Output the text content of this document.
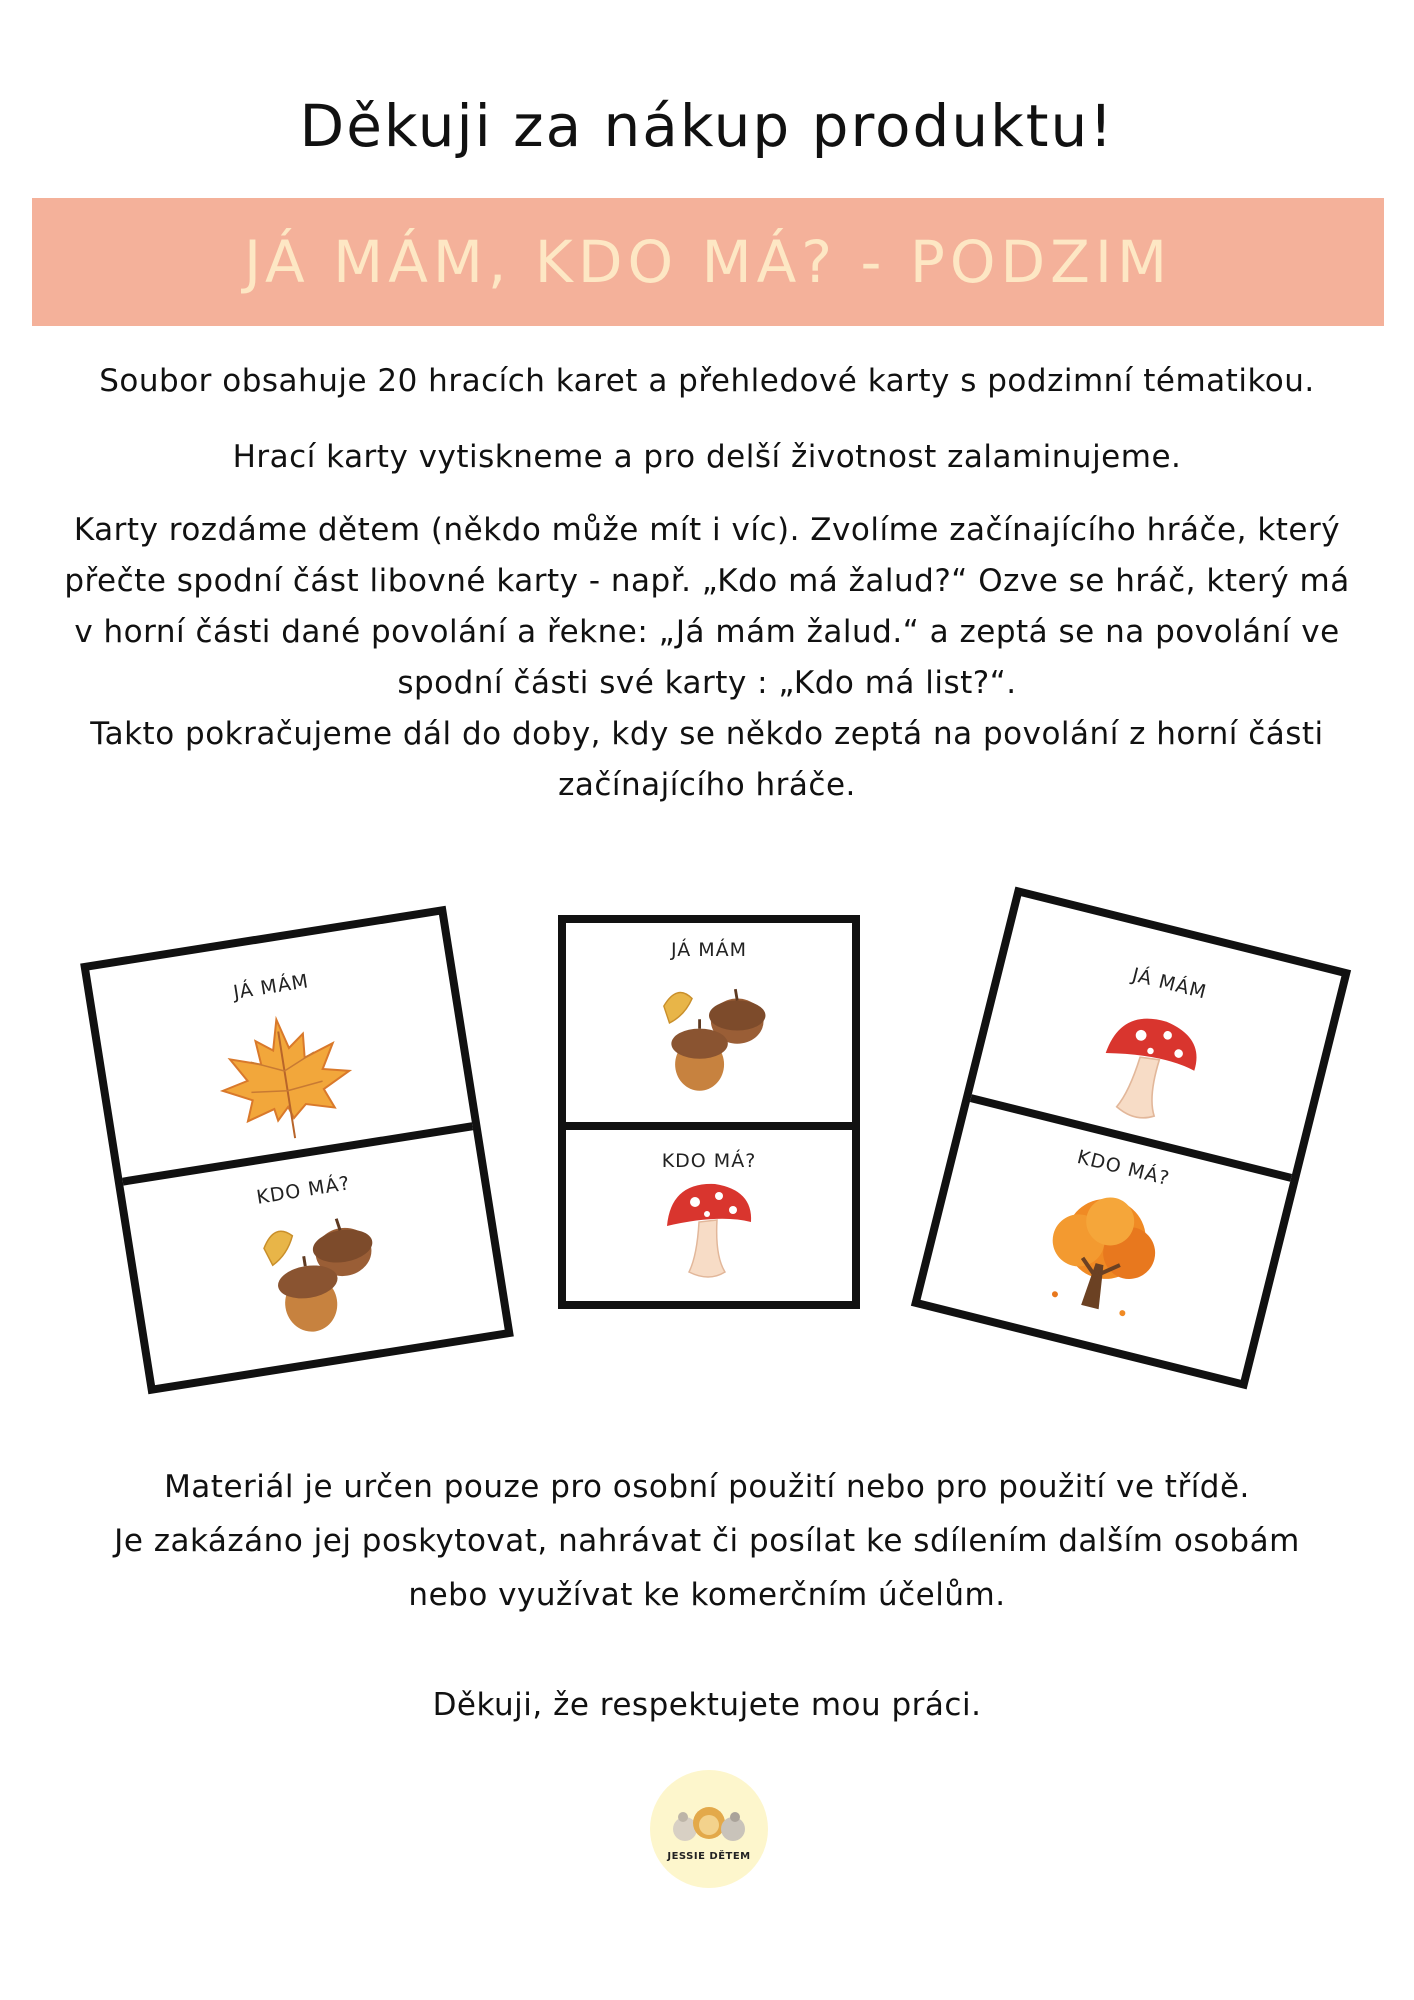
Děkuji za nákup produktu!
JÁ MÁM, KDO MÁ? - PODZIM
Soubor obsahuje 20 hracích karet a přehledové karty s podzimní tématikou.
Hrací karty vytiskneme a pro delší životnost zalaminujeme.
Karty rozdáme dětem (někdo může mít i víc). Zvolíme začínajícího hráče, který
přečte spodní část libovné karty - např. „Kdo má žalud?“ Ozve se hráč, který má
v horní části dané povolání a řekne: „Já mám žalud.“ a zeptá se na povolání ve
spodní části své karty : „Kdo má list?“.
Takto pokračujeme dál do doby, kdy se někdo zeptá na povolání z horní části
začínajícího hráče.
JÁ MÁM
KDO MÁ?
JÁ MÁM
KDO MÁ?
JÁ MÁM
KDO MÁ?
Materiál je určen pouze pro osobní použití nebo pro použití ve třídě.
Je zakázáno jej poskytovat, nahrávat či posílat ke sdílením dalším osobám
nebo využívat ke komerčním účelům.
Děkuji, že respektujete mou práci.
JESSIE DĚTEM
